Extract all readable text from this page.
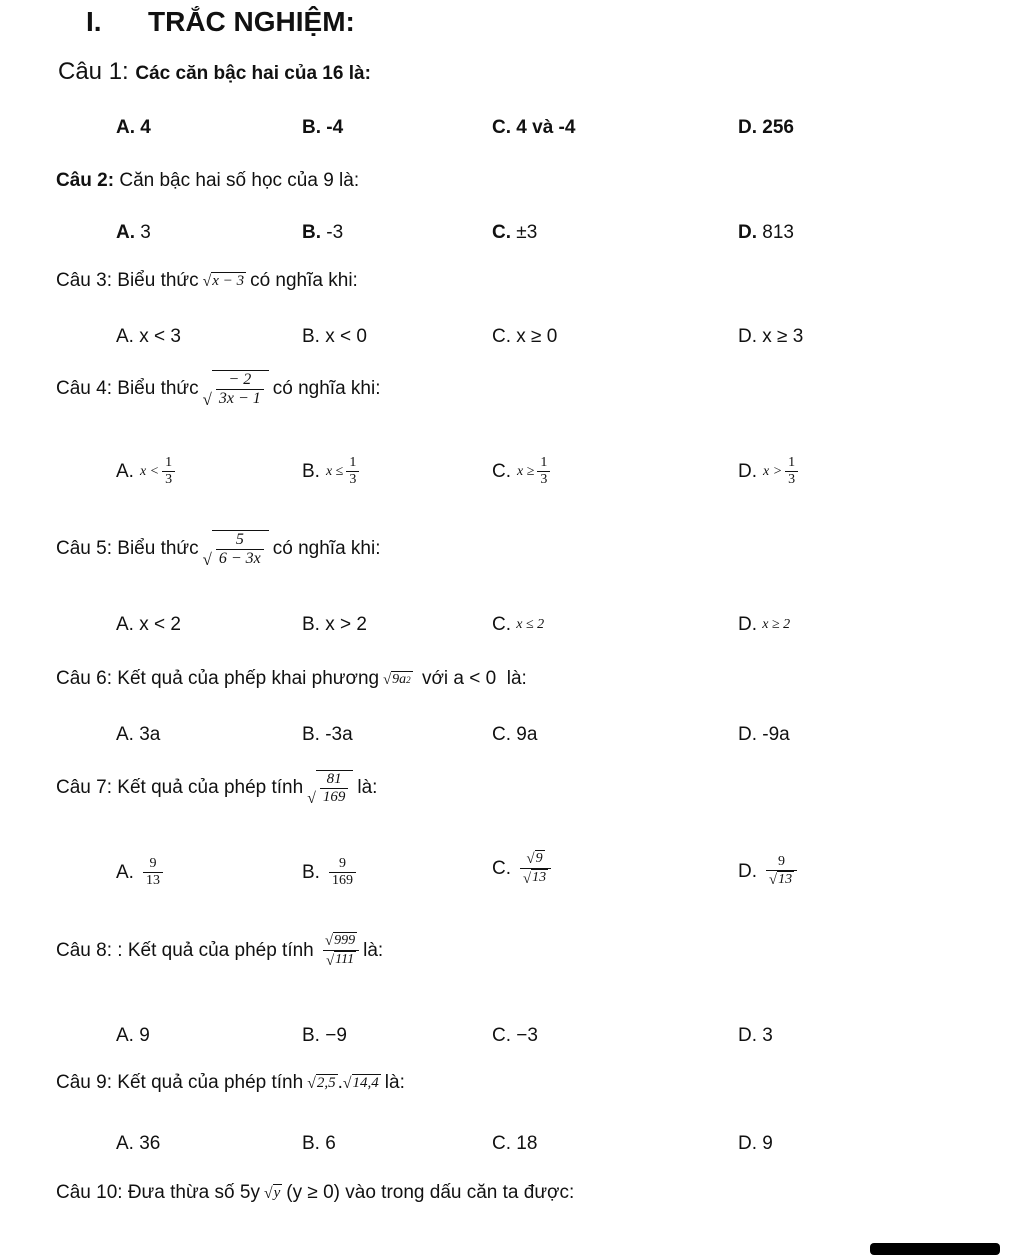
I. TRẮC NGHIỆM:
Câu 1: Các căn bậc hai của 16 là:
A.
4	B.
-4	C.
4 và -4	D.
256
Câu 2:
Căn bậc hai số học của 9 là:
A.
3	B.
-3	C.
±3	D.
813
Câu 3:
Biểu thức √ x − 3 có nghĩa khi:
A.
x < 3	B.
x < 0	C.
x ≥ 0	D.
x ≥ 3
Câu 4:
Biểu thức
√ $\frac{- 2}{3x - 1}$ có nghĩa khi:
A. $x < \frac{1}{3}$	B. $x \le \frac{1}{3}$	C. $x \ge \frac{1}{3}$	D. $x > \frac{1}{3}$
Câu 5:
Biểu thức
√ $\frac{5}{6 - 3x}$ có nghĩa khi:
A.
x < 2	B.
x > 2	C.
x ≤ 2	D.
x ≥ 2
Câu 6:
Kết quả của phếp khai phương √ 9a 2
với a < 0
là:
A.
3a	B.
-3a	C.
9a	D.
-9a
Câu 7:
Kết quả của phép tính √ $\frac{81}{169}$ là:
A. $\frac{9}{13}$	B. $\frac{9}{169}$	C. $\frac{√ 9}{√ 13}$	D. $\frac{9}{√ 13}$
Câu 8:
: Kết quả của phép tính
$\frac{√ 999}{√ 111}$ là:
A.
9	B.
−9	C.
−3	D.
3
Câu 9:
Kết quả của phép tính √ 2,5 . √ 14,4 là:
A.
36	B.
6	C.
18	D.
9
Câu 10:
Đưa thừa số 5y √ y (y ≥ 0) vào trong dấu căn ta được:
